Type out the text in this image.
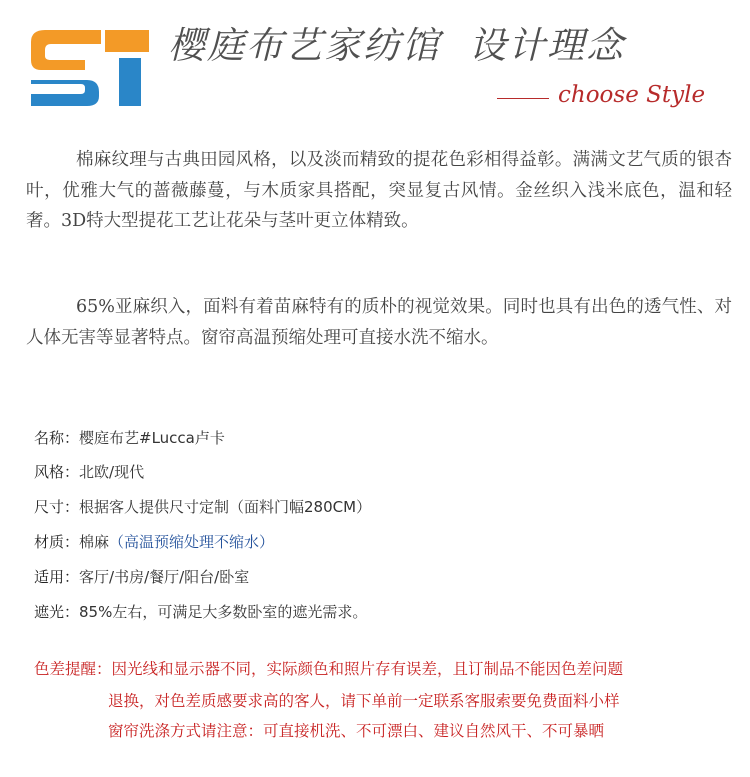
樱庭布艺家纺馆 设计理念
choose Style

棉麻纹理与古典田园风格，以及淡而精致的提花色彩相得益彰。满满文艺气质的银杏叶，优雅大气的蔷薇藤蔓，与木质家具搭配，突显复古风情。金丝织入浅米底色，温和轻奢。3D特大型提花工艺让花朵与茎叶更立体精致。

65%亚麻织入，面料有着苗麻特有的质朴的视觉效果。同时也具有出色的透气性、对人体无害等显著特点。窗帘高温预缩处理可直接水洗不缩水。

名称：樱庭布艺#Lucca卢卡
风格：北欧/现代
尺寸：根据客人提供尺寸定制（面料门幅280CM）
材质：棉麻（高温预缩处理不缩水）
适用：客厅/书房/餐厅/阳台/卧室
遮光：85%左右，可满足大多数卧室的遮光需求。
色差提醒：因光线和显示器不同，实际颜色和照片存有误差，且订制品不能因色差问题
退换，对色差质感要求高的客人，请下单前一定联系客服索要免费面料小样
窗帘洗涤方式请注意：可直接机洗、不可漂白、建议自然风干、不可暴晒
